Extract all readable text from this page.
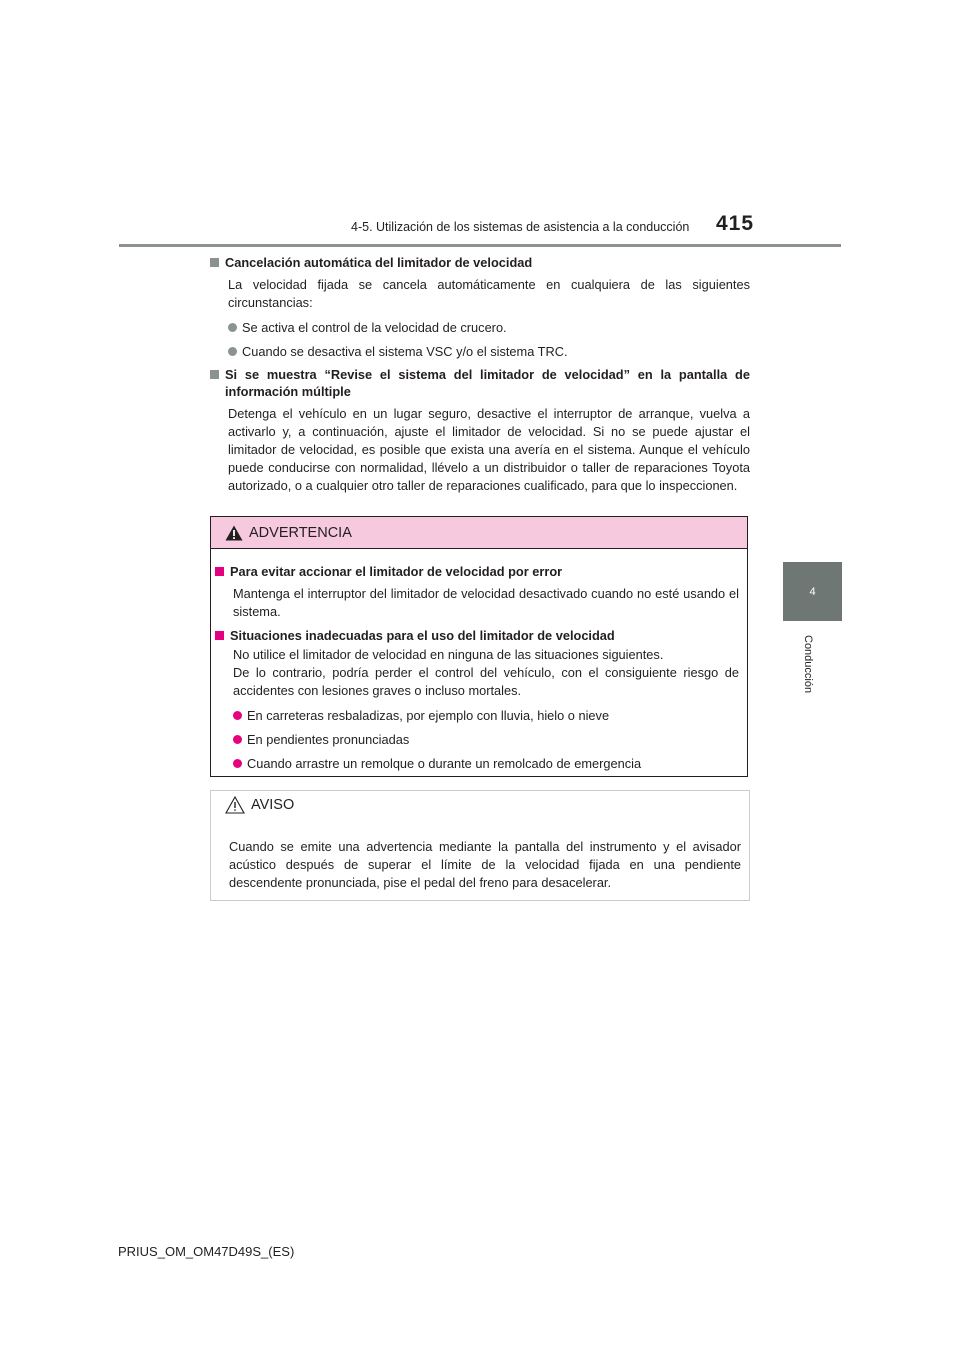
4-5. Utilización de los sistemas de asistencia a la conducción 415
4
Conducción
Cancelación automática del limitador de velocidad
La velocidad fijada se cancela automáticamente en cualquiera de las siguientes circunstancias:
Se activa el control de la velocidad de crucero.
Cuando se desactiva el sistema VSC y/o el sistema TRC.
Si se muestra “Revise el sistema del limitador de velocidad” en la pantalla de información múltiple
Detenga el vehículo en un lugar seguro, desactive el interruptor de arranque, vuelva a activarlo y, a continuación, ajuste el limitador de velocidad. Si no se puede ajustar el limitador de velocidad, es posible que exista una avería en el sistema. Aunque el vehículo puede conducirse con normalidad, llévelo a un distribuidor o taller de reparaciones Toyota autorizado, o a cualquier otro taller de reparaciones cualificado, para que lo inspeccionen.
ADVERTENCIA
Para evitar accionar el limitador de velocidad por error
Mantenga el interruptor del limitador de velocidad desactivado cuando no esté usando el sistema.
Situaciones inadecuadas para el uso del limitador de velocidad
No utilice el limitador de velocidad en ninguna de las situaciones siguientes.
De lo contrario, podría perder el control del vehículo, con el consiguiente riesgo de accidentes con lesiones graves o incluso mortales.
En carreteras resbaladizas, por ejemplo con lluvia, hielo o nieve
En pendientes pronunciadas
Cuando arrastre un remolque o durante un remolcado de emergencia
AVISO
Cuando se emite una advertencia mediante la pantalla del instrumento y el avisador acústico después de superar el límite de la velocidad fijada en una pendiente descendente pronunciada, pise el pedal del freno para desacelerar.
PRIUS_OM_OM47D49S_(ES)
